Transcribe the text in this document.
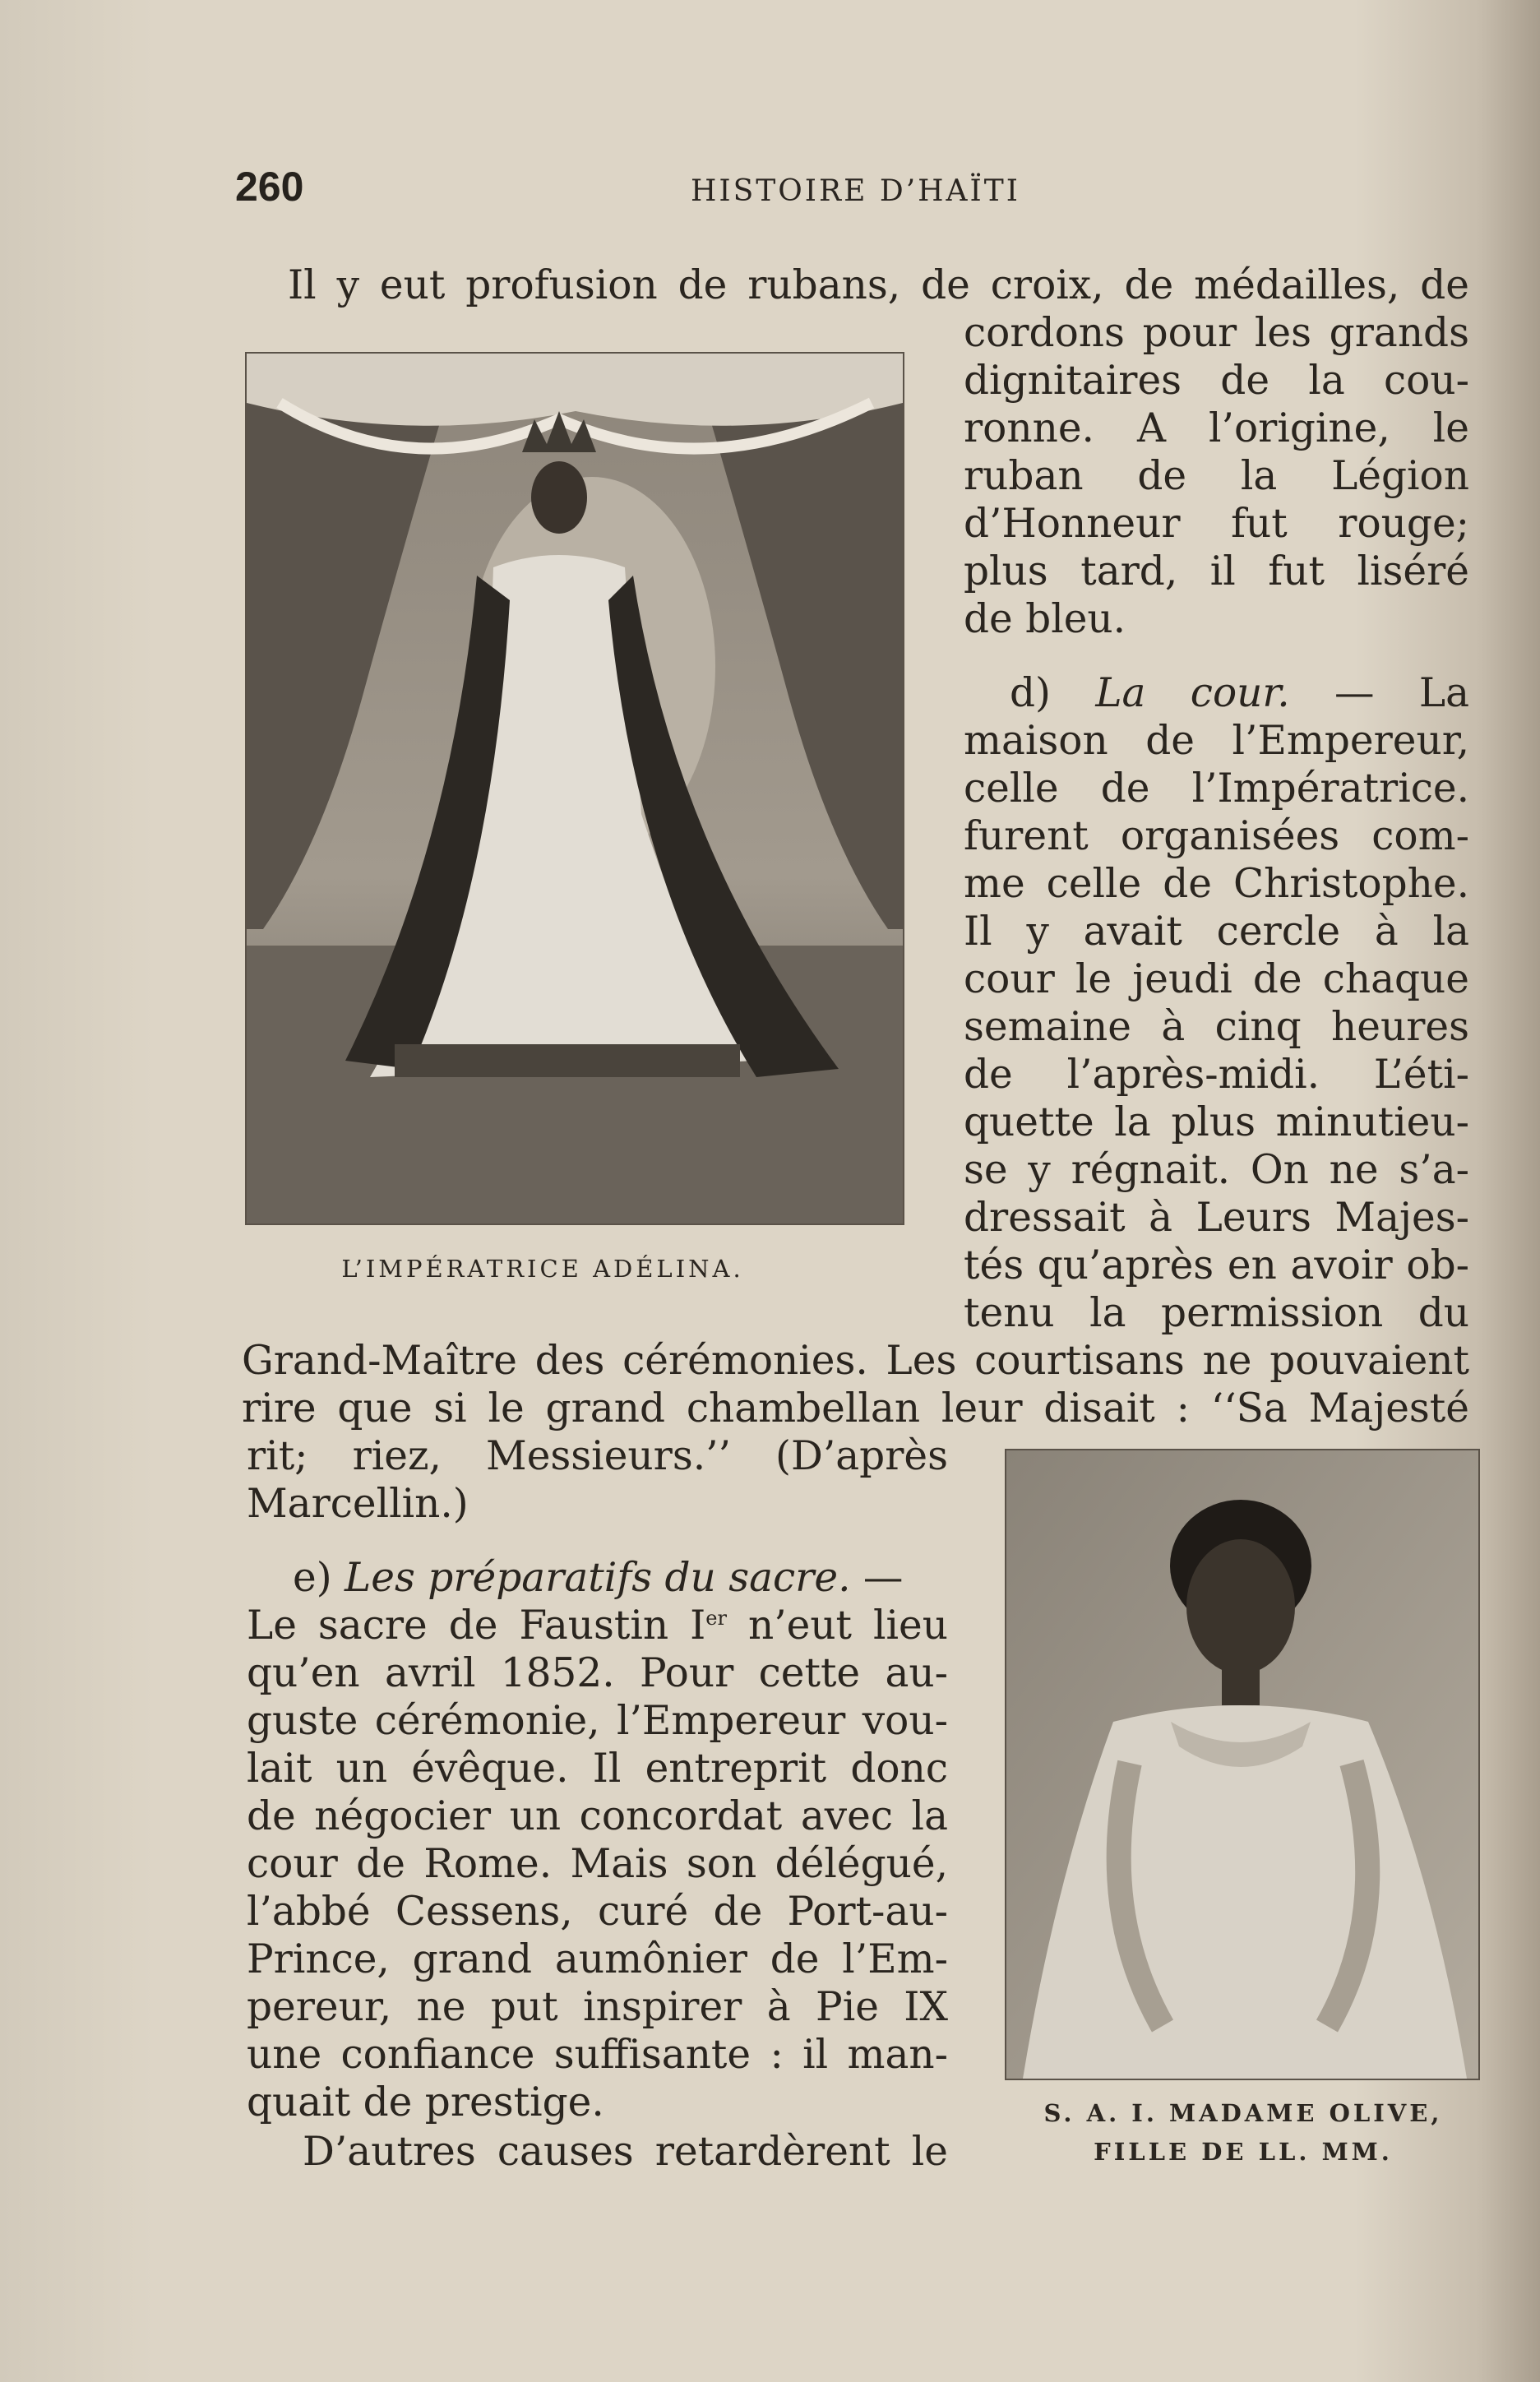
260	HISTOIRE D’HAÏTI
Il y eut profusion de rubans, de croix, de médailles, de
cordons pour les grands
dignitaires de la cou-
ronne. A l’origine, le
ruban de la Légion
d’Honneur fut rouge;
plus tard, il fut liséré
de bleu.
d) La cour. — La
maison de l’Empereur,
celle de l’Impératrice.
furent organisées com-
me celle de Christophe.
Il y avait cercle à la
cour le jeudi de chaque
semaine à cinq heures
de l’après-midi. L’éti-
quette la plus minutieu-
se y régnait. On ne s’a-
dressait à Leurs Majes-
tés qu’après en avoir ob-
tenu la permission du
Grand-Maître des cérémonies. Les courtisans ne pouvaient
rire que si le grand chambellan leur disait : ‘‘Sa Majesté
rit; riez, Messieurs.’’ (D’après
Marcellin.)
e) Les préparatifs du sacre. —
Le sacre de Faustin Ier n’eut lieu
qu’en avril 1852. Pour cette au-
guste cérémonie, l’Empereur vou-
lait un évêque. Il entreprit donc
de négocier un concordat avec la
cour de Rome. Mais son délégué,
l’abbé Cessens, curé de Port-au-
Prince, grand aumônier de l’Em-
pereur, ne put inspirer à Pie IX
une confiance suffisante : il man-
quait de prestige.
D’autres causes retardèrent le
L’IMPÉRATRICE ADÉLINA.
S. A. I. MADAME OLIVE,
FILLE DE LL. MM.
